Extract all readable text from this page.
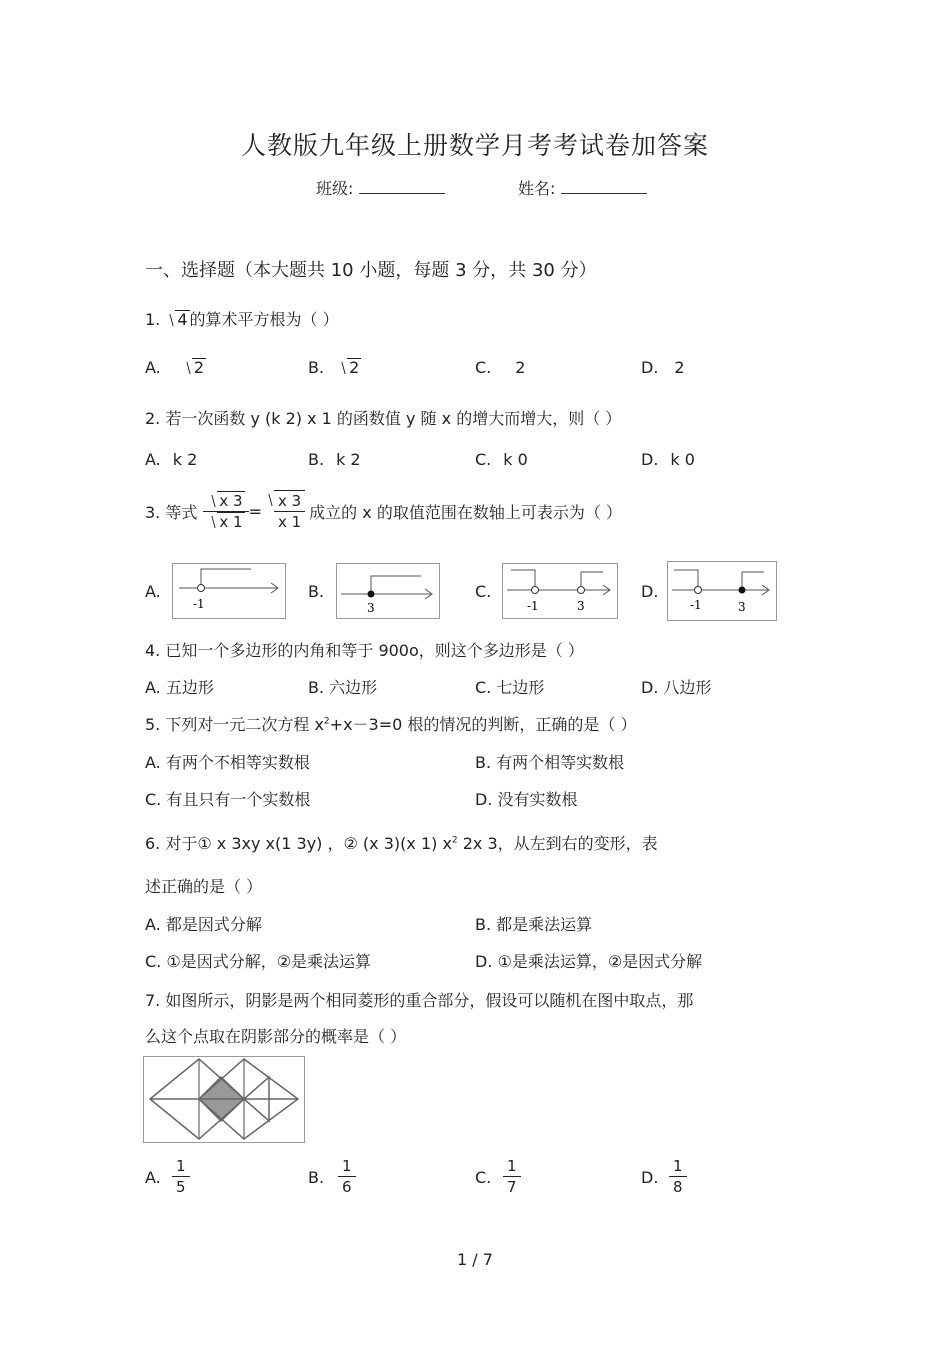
人教版九年级上册数学月考考试卷加答案
班级:	姓名:
一、选择题（本大题共 10 小题，每题 3 分，共 30 分）
1. 4 的算术平方根为（ ）
A. 2	B. 2	C. 2	D. 2
2. 若一次函数 y (k 2) x 1 的函数值 y 随 x 的增大而增大，则（ ）
A. k 2	B. k 2	C. k 0	D. k 0
3. 等式 $\frac{x 3}{x 1} = \frac{x 3}{x 1}$ 成立的 x 的取值范围在数轴上可表示为（ ）
A.
-1
B.
3
C.
-1	3
D.
-1	3
4. 已知一个多边形的内角和等于 900o，则这个多边形是（ ）
A. 五边形	B. 六边形	C. 七边形	D. 八边形
5. 下列对一元二次方程 $x^2+x-3=0$ 根的情况的判断，正确的是（ ）
A. 有两个不相等实数根	B. 有两个相等实数根
C. 有且只有一个实数根	D. 没有实数根
6. 对于① x 3xy x(1 3y) ，② (x 3)(x 1) $x^2$ 2x 3，从左到右的变形，表
述正确的是（ ）
A. 都是因式分解	B. 都是乘法运算
C. ①是因式分解，②是乘法运算	D. ①是乘法运算，②是因式分解
7. 如图所示，阴影是两个相同菱形的重合部分，假设可以随机在图中取点，那
么这个点取在阴影部分的概率是（ ）
A. $\frac{1}{5}$	B. $\frac{1}{6}$	C. $\frac{1}{7}$	D. $\frac{1}{8}$
1 / 7
